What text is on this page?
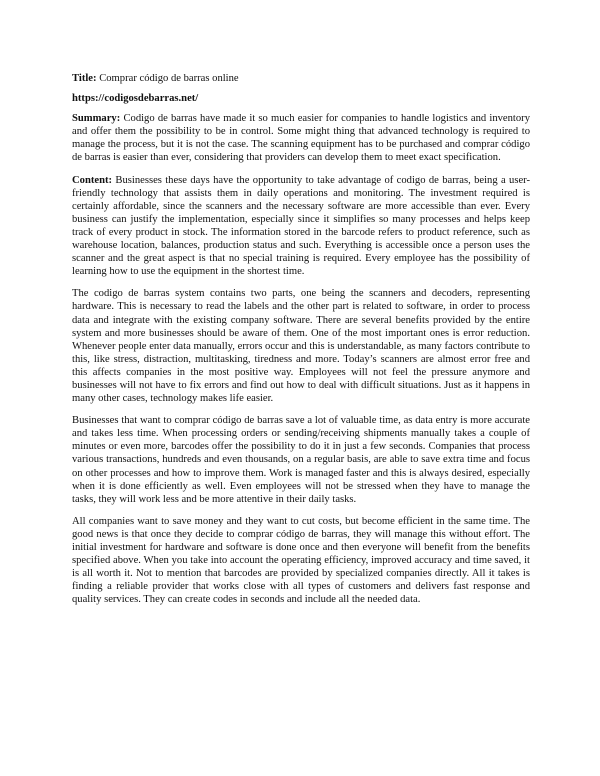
Title: Comprar código de barras online

https://codigosdebarras.net/

Summary: Codigo de barras have made it so much easier for companies to handle logistics and inventory and offer them the possibility to be in control. Some might thing that advanced technology is required to manage the process, but it is not the case. The scanning equipment has to be purchased and comprar código de barras is easier than ever, considering that providers can develop them to meet exact specification.

Content: Businesses these days have the opportunity to take advantage of codigo de barras, being a user-friendly technology that assists them in daily operations and monitoring. The investment required is certainly affordable, since the scanners and the necessary software are more accessible than ever. Every business can justify the implementation, especially since it simplifies so many processes and helps keep track of every product in stock. The information stored in the barcode refers to product reference, such as warehouse location, balances, production status and such. Everything is accessible once a person uses the scanner and the great aspect is that no special training is required. Every employee has the possibility of learning how to use the equipment in the shortest time.

The codigo de barras system contains two parts, one being the scanners and decoders, representing hardware. This is necessary to read the labels and the other part is related to software, in order to process data and integrate with the existing company software. There are several benefits provided by the entire system and more businesses should be aware of them. One of the most important ones is error reduction. Whenever people enter data manually, errors occur and this is understandable, as many factors contribute to this, like stress, distraction, multitasking, tiredness and more. Today’s scanners are almost error free and this affects companies in the most positive way. Employees will not feel the pressure anymore and businesses will not have to fix errors and find out how to deal with difficult situations. Just as it happens in many other cases, technology makes life easier.

Businesses that want to comprar código de barras save a lot of valuable time, as data entry is more accurate and takes less time. When processing orders or sending/receiving shipments manually takes a couple of minutes or even more, barcodes offer the possibility to do it in just a few seconds. Companies that process various transactions, hundreds and even thousands, on a regular basis, are able to save extra time and focus on other processes and how to improve them. Work is managed faster and this is always desired, especially when it is done efficiently as well. Even employees will not be stressed when they have to manage the tasks, they will work less and be more attentive in their daily tasks.

All companies want to save money and they want to cut costs, but become efficient in the same time. The good news is that once they decide to comprar código de barras, they will manage this without effort. The initial investment for hardware and software is done once and then everyone will benefit from the benefits specified above. When you take into account the operating efficiency, improved accuracy and time saved, it is all worth it. Not to mention that barcodes are provided by specialized companies directly. All it takes is finding a reliable provider that works close with all types of customers and delivers fast response and quality services. They can create codes in seconds and include all the needed data.
